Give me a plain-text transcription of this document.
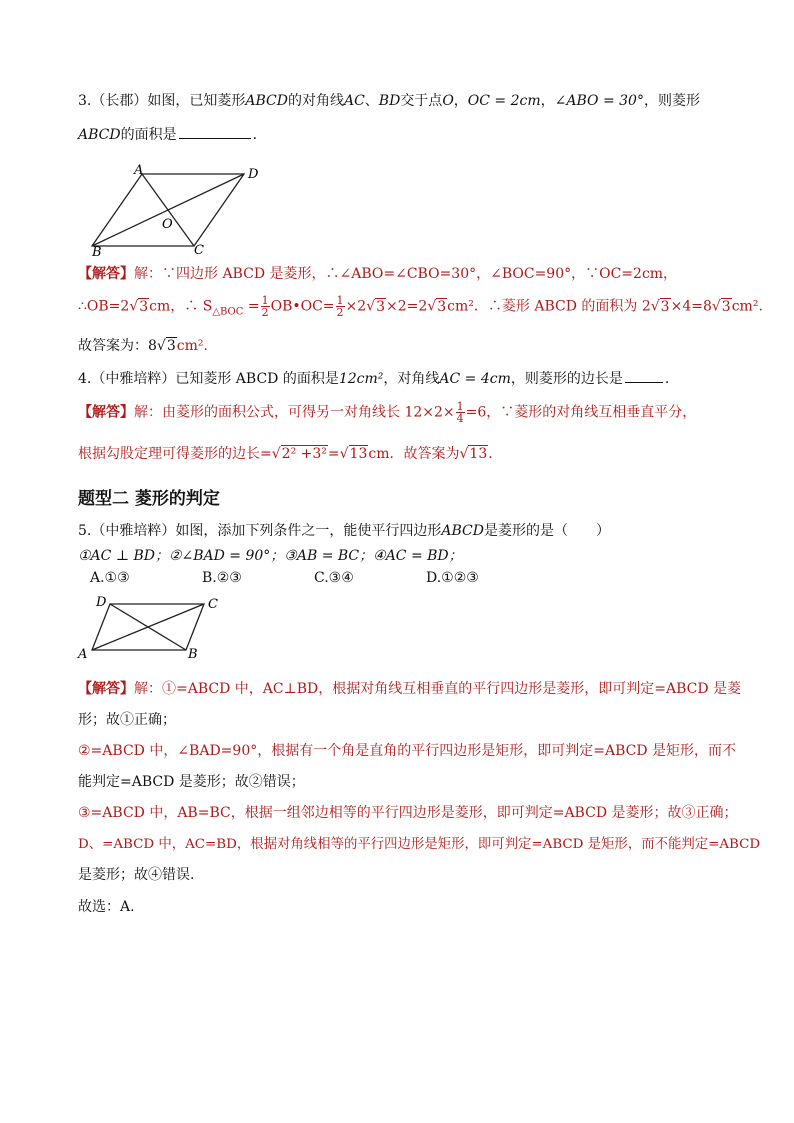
3.（长郡）如图，已知菱形ABCD的对角线AC、BD交于点O，OC = 2cm，∠ABO = 30°，则菱形
ABCD的面积是	.
A	D
B	C
O
【解答】解：∵四边形 ABCD 是菱形，∴∠ABO=∠CBO=30°，∠BOC=90°，∵OC=2cm，
∴OB=2√3cm，∴ $S_{\triangle BOC} = \frac{1}{2}$ OB•OC= $\frac{1}{2} \times 2√3\times 2=2√3cm^2$．∴菱形 ABCD 的面积为 2√3×4=8√3cm².
故答案为：8√3cm².
4.（中雅培粹）已知菱形 ABCD 的面积是12cm²，对角线AC = 4cm，则菱形的边长是	.
【解答】解：由菱形的面积公式，可得另一对角线长 $12\times 2\times \frac{1}{4} =6$，∵菱形的对角线互相垂直平分，
根据勾股定理可得菱形的边长=√2² +3²=√13cm．故答案为√13.
题型二 菱形的判定
5.（中雅培粹）如图，添加下列条件之一，能使平行四边形ABCD是菱形的是（　　）
①AC ⊥ BD；②∠BAD = 90°；③AB = BC；④AC = BD；
A.①③	B.②③	C.③④	D.①②③
D	C
A	B
【解答】解：①=ABCD 中，AC⊥BD，根据对角线互相垂直的平行四边形是菱形，即可判定=ABCD 是菱
形；故①正确；
②=ABCD 中，∠BAD=90°，根据有一个角是直角的平行四边形是矩形，即可判定=ABCD 是矩形，而不
能判定=ABCD 是菱形；故②错误；
③=ABCD 中，AB=BC，根据一组邻边相等的平行四边形是菱形，即可判定=ABCD 是菱形；故③正确；
D、=ABCD 中，AC=BD，根据对角线相等的平行四边形是矩形，即可判定=ABCD 是矩形，而不能判定=ABCD
是菱形；故④错误.
故选：A.
